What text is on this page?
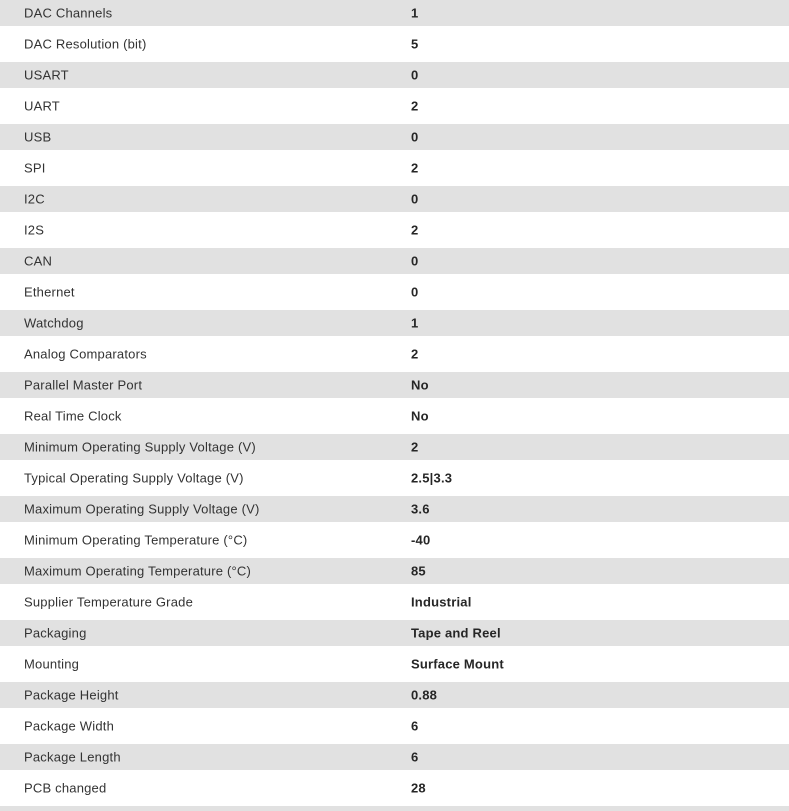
DAC Channels	1
DAC Resolution (bit)	5
USART	0
UART	2
USB	0
SPI	2
I2C	0
I2S	2
CAN	0
Ethernet	0
Watchdog	1
Analog Comparators	2
Parallel Master Port	No
Real Time Clock	No
Minimum Operating Supply Voltage (V)	2
Typical Operating Supply Voltage (V)	2.5|3.3
Maximum Operating Supply Voltage (V)	3.6
Minimum Operating Temperature (°C)	-40
Maximum Operating Temperature (°C)	85
Supplier Temperature Grade	Industrial
Packaging	Tape and Reel
Mounting	Surface Mount
Package Height	0.88
Package Width	6
Package Length	6
PCB changed	28
